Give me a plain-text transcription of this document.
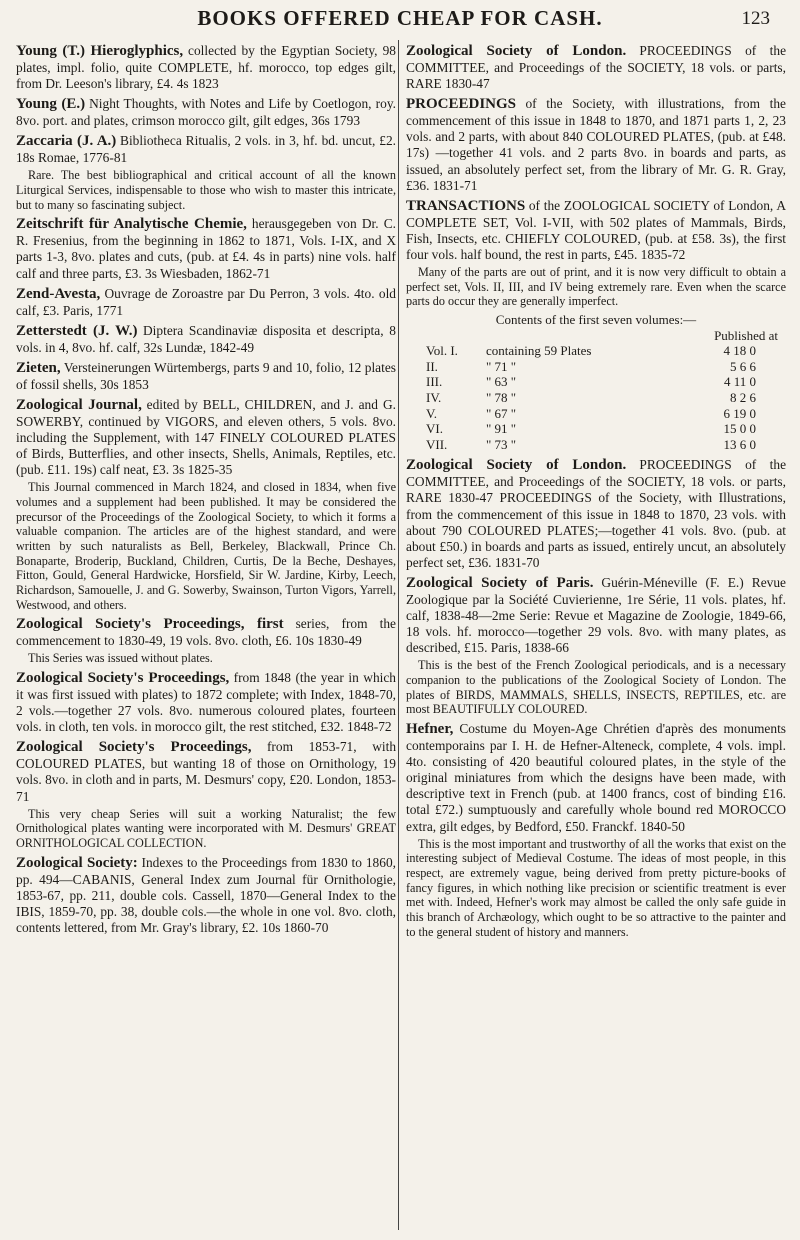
BOOKS OFFERED CHEAP FOR CASH.	123

Young (T.) Hieroglyphics, collected by the Egyptian Society, 98 plates, impl. folio, quite COMPLETE, hf. morocco, top edges gilt, from Dr. Leeson's library, £4. 4s 1823

Young (E.) Night Thoughts, with Notes and Life by Coetlogon, roy. 8vo. port. and plates, crimson morocco gilt, gilt edges, 36s 1793

Zaccaria (J. A.) Bibliotheca Ritualis, 2 vols. in 3, hf. bd. uncut, £2. 18s Romae, 1776-81
Rare. The best bibliographical and critical account of all the known Liturgical Services, indispensable to those who wish to master this intricate, but to many so fascinating subject.

Zeitschrift für Analytische Chemie, herausgegeben von Dr. C. R. Fresenius, from the beginning in 1862 to 1871, Vols. I-IX, and X parts 1-3, 8vo. plates and cuts, (pub. at £4. 4s in parts) nine vols. half calf and three parts, £3. 3s Wiesbaden, 1862-71

Zend-Avesta, Ouvrage de Zoroastre par Du Perron, 3 vols. 4to. old calf, £3. Paris, 1771

Zetterstedt (J. W.) Diptera Scandinaviæ disposita et descripta, 8 vols. in 4, 8vo. hf. calf, 32s Lundæ, 1842-49

Zieten, Versteinerungen Würtembergs, parts 9 and 10, folio, 12 plates of fossil shells, 30s 1853

Zoological Journal, edited by BELL, CHILDREN, and J. and G. SOWERBY, continued by VIGORS, and eleven others, 5 vols. 8vo. including the Supplement, with 147 FINELY COLOURED PLATES of Birds, Butterflies, and other insects, Shells, Animals, Reptiles, etc. (pub. £11. 19s) calf neat, £3. 3s 1825-35
This Journal commenced in March 1824, and closed in 1834, when five volumes and a supplement had been published. It may be considered the precursor of the Proceedings of the Zoological Society, to which it forms a valuable companion. The articles are of the highest standard, and were written by such naturalists as Bell, Berkeley, Blackwall, Prince Ch. Bonaparte, Broderip, Buckland, Children, Curtis, De la Beche, Deshayes, Fitton, Gould, General Hardwicke, Horsfield, Sir W. Jardine, Kirby, Leech, Richardson, Samouelle, J. and G. Sowerby, Swainson, Turton Vigors, Yarrell, Westwood, and others.

Zoological Society's Proceedings, first series, from the commencement to 1830-49, 19 vols. 8vo. cloth, £6. 10s 1830-49
This Series was issued without plates.

Zoological Society's Proceedings, from 1848 (the year in which it was first issued with plates) to 1872 complete; with Index, 1848-70, 2 vols.—together 27 vols. 8vo. numerous coloured plates, fourteen vols. in cloth, ten vols. in morocco gilt, the rest stitched, £32. 1848-72

Zoological Society's Proceedings, from 1853-71, with COLOURED PLATES, but wanting 18 of those on Ornithology, 19 vols. 8vo. in cloth and in parts, M. Desmurs' copy, £20. London, 1853-71
This very cheap Series will suit a working Naturalist; the few Ornithological plates wanting were incorporated with M. Desmurs' GREAT ORNITHOLOGICAL COLLECTION.

Zoological Society: Indexes to the Proceedings from 1830 to 1860, pp. 494—CABANIS, General Index zum Journal für Ornithologie, 1853-67, pp. 211, double cols. Cassell, 1870—General Index to the IBIS, 1859-70, pp. 38, double cols.—the whole in one vol. 8vo. cloth, contents lettered, from Mr. Gray's library, £2. 10s 1860-70

Zoological Society of London. PROCEEDINGS of the COMMITTEE, and Proceedings of the SOCIETY, 18 vols. or parts, RARE 1830-47

PROCEEDINGS of the Society, with illustrations, from the commencement of this issue in 1848 to 1870, and 1871 parts 1, 2, 23 vols. and 2 parts, with about 840 COLOURED PLATES, (pub. at £48. 17s) —together 41 vols. and 2 parts 8vo. in boards and parts, as issued, an absolutely perfect set, from the library of Mr. G. R. Gray, £36. 1831-71

TRANSACTIONS of the ZOOLOGICAL SOCIETY of London, A COMPLETE SET, Vol. I-VII, with 502 plates of Mammals, Birds, Fish, Insects, etc. CHIEFLY COLOURED, (pub. at £58. 3s), the first four vols. half bound, the rest in parts, £45. 1835-72
Many of the parts are out of print, and it is now very difficult to obtain a perfect set, Vols. II, III, and IV being extremely rare. Even when the scarce parts do occur they are generally imperfect.

Contents of the first seven volumes:—
Published at
Vol. I.	containing 59 Plates	4 18 0
II.	" 71 "	5 6 6
III.	" 63 "	4 11 0
IV.	" 78 "	8 2 6
V.	" 67 "	6 19 0
VI.	" 91 "	15 0 0
VII.	" 73 "	13 6 0

Zoological Society of London. PROCEEDINGS of the COMMITTEE, and Proceedings of the SOCIETY, 18 vols. or parts, RARE 1830-47 PROCEEDINGS of the Society, with Illustrations, from the commencement of this issue in 1848 to 1870, 23 vols. with about 790 COLOURED PLATES;—together 41 vols. 8vo. (pub. at about £50.) in boards and parts as issued, entirely uncut, an absolutely perfect set, £36. 1831-70

Zoological Society of Paris. Guérin-Méneville (F. E.) Revue Zoologique par la Société Cuvierienne, 1re Série, 11 vols. plates, hf. calf, 1838-48—2me Serie: Revue et Magazine de Zoologie, 1849-66, 18 vols. hf. morocco—together 29 vols. 8vo. with many plates, as described, £15. Paris, 1838-66
This is the best of the French Zoological periodicals, and is a necessary companion to the publications of the Zoological Society of London. The plates of BIRDS, MAMMALS, SHELLS, INSECTS, REPTILES, etc. are most BEAUTIFULLY COLOURED.

Hefner, Costume du Moyen-Age Chrétien d'après des monuments contemporains par I. H. de Hefner-Alteneck, complete, 4 vols. impl. 4to. consisting of 420 beautiful coloured plates, in the style of the original miniatures from which the designs have been made, with descriptive text in French (pub. at 1400 francs, cost of binding £16. total £72.) sumptuously and carefully whole bound red MOROCCO extra, gilt edges, by Bedford, £50. Franckf. 1840-50
This is the most important and trustworthy of all the works that exist on the interesting subject of Medieval Costume. The ideas of most people, in this respect, are extremely vague, being derived from pretty picture-books of fancy figures, in which nothing like precision or scientific treatment is ever met with. Indeed, Hefner's work may almost be called the only safe guide in this branch of Archæology, which ought to be so attractive to the painter and to the general student of history and manners.
